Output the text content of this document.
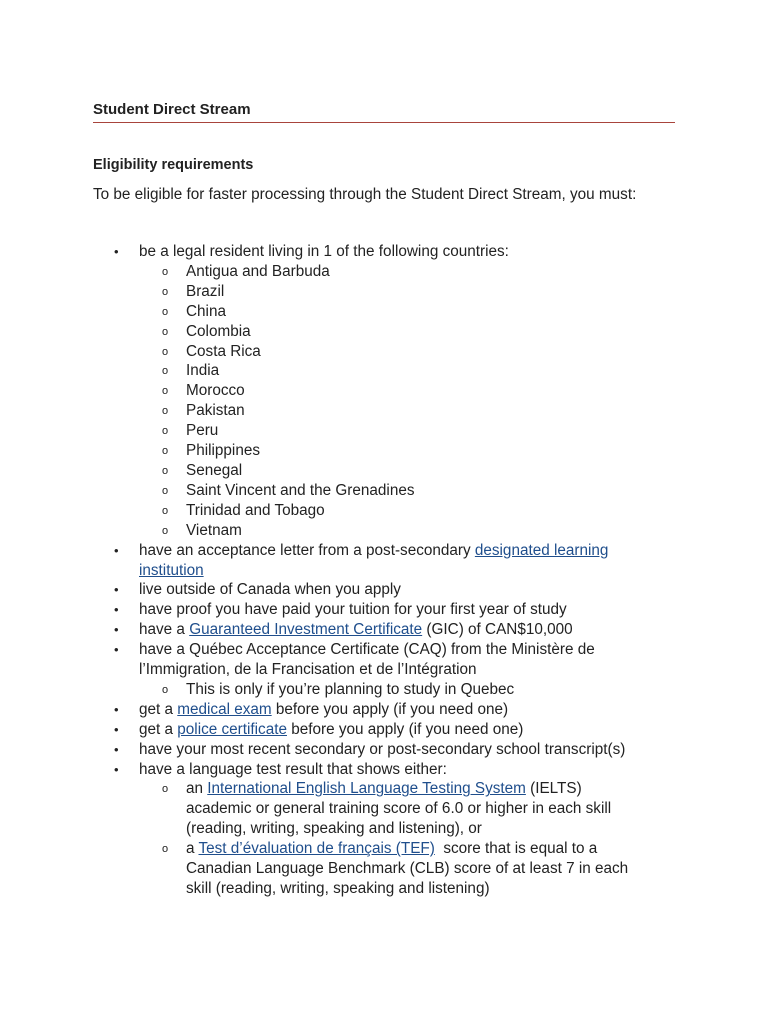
Student Direct Stream
Eligibility requirements
To be eligible for faster processing through the Student Direct Stream, you must:
• be a legal resident living in 1 of the following countries:
o Antigua and Barbuda
o Brazil
o China
o Colombia
o Costa Rica
o India
o Morocco
o Pakistan
o Peru
o Philippines
o Senegal
o Saint Vincent and the Grenadines
o Trinidad and Tobago
o Vietnam
• have an acceptance letter from a post-secondary designated learning
institution
• live outside of Canada when you apply
• have proof you have paid your tuition for your first year of study
• have a Guaranteed Investment Certificate (GIC) of CAN$10,000
• have a Québec Acceptance Certificate (CAQ) from the Ministère de
l’Immigration, de la Francisation et de l’Intégration
o This is only if you’re planning to study in Quebec
• get a medical exam before you apply (if you need one)
• get a police certificate before you apply (if you need one)
• have your most recent secondary or post-secondary school transcript(s)
• have a language test result that shows either:
o an International English Language Testing System (IELTS)
academic or general training score of 6.0 or higher in each skill
(reading, writing, speaking and listening), or
o a Test d’évaluation de français (TEF)  score that is equal to a
Canadian Language Benchmark (CLB) score of at least 7 in each
skill (reading, writing, speaking and listening)
